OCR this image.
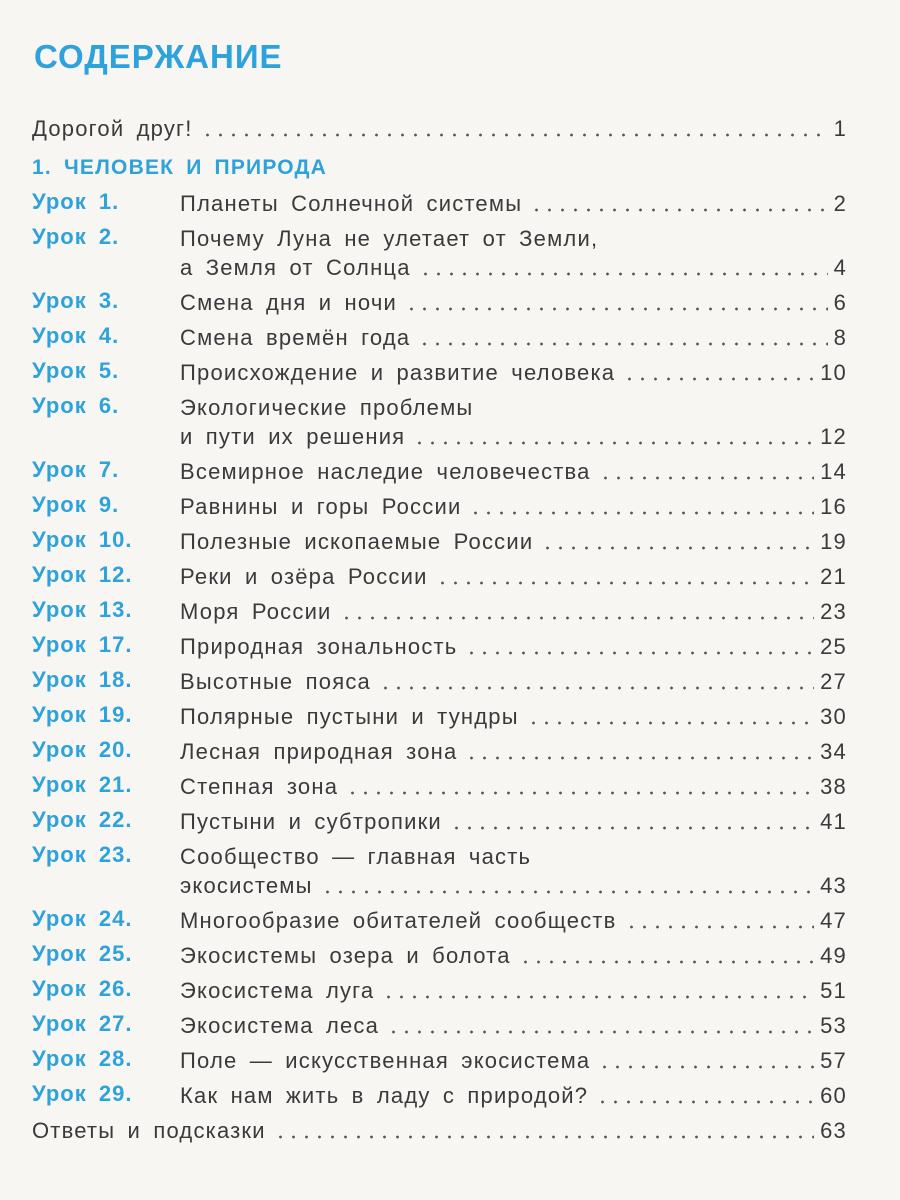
СОДЕРЖАНИЕ
Дорогой друг!	1
1. ЧЕЛОВЕК И ПРИРОДА
Урок 1.	Планеты Солнечной системы	2
Урок 2.	Почему Луна не улетает от Земли,
а Земля от Солнца	4
Урок 3.	Смена дня и ночи	6
Урок 4.	Смена времён года	8
Урок 5.	Происхождение и развитие человека	10
Урок 6.	Экологические проблемы
и пути их решения	12
Урок 7.	Всемирное наследие человечества	14
Урок 9.	Равнины и горы России	16
Урок 10.	Полезные ископаемые России	19
Урок 12.	Реки и озёра России	21
Урок 13.	Моря России	23
Урок 17.	Природная зональность	25
Урок 18.	Высотные пояса	27
Урок 19.	Полярные пустыни и тундры	30
Урок 20.	Лесная природная зона	34
Урок 21.	Степная зона	38
Урок 22.	Пустыни и субтропики	41
Урок 23.	Сообщество — главная часть
экосистемы	43
Урок 24.	Многообразие обитателей сообществ	47
Урок 25.	Экосистемы озера и болота	49
Урок 26.	Экосистема луга	51
Урок 27.	Экосистема леса	53
Урок 28.	Поле — искусственная экосистема	57
Урок 29.	Как нам жить в ладу с природой?	60
Ответы и подсказки	63
